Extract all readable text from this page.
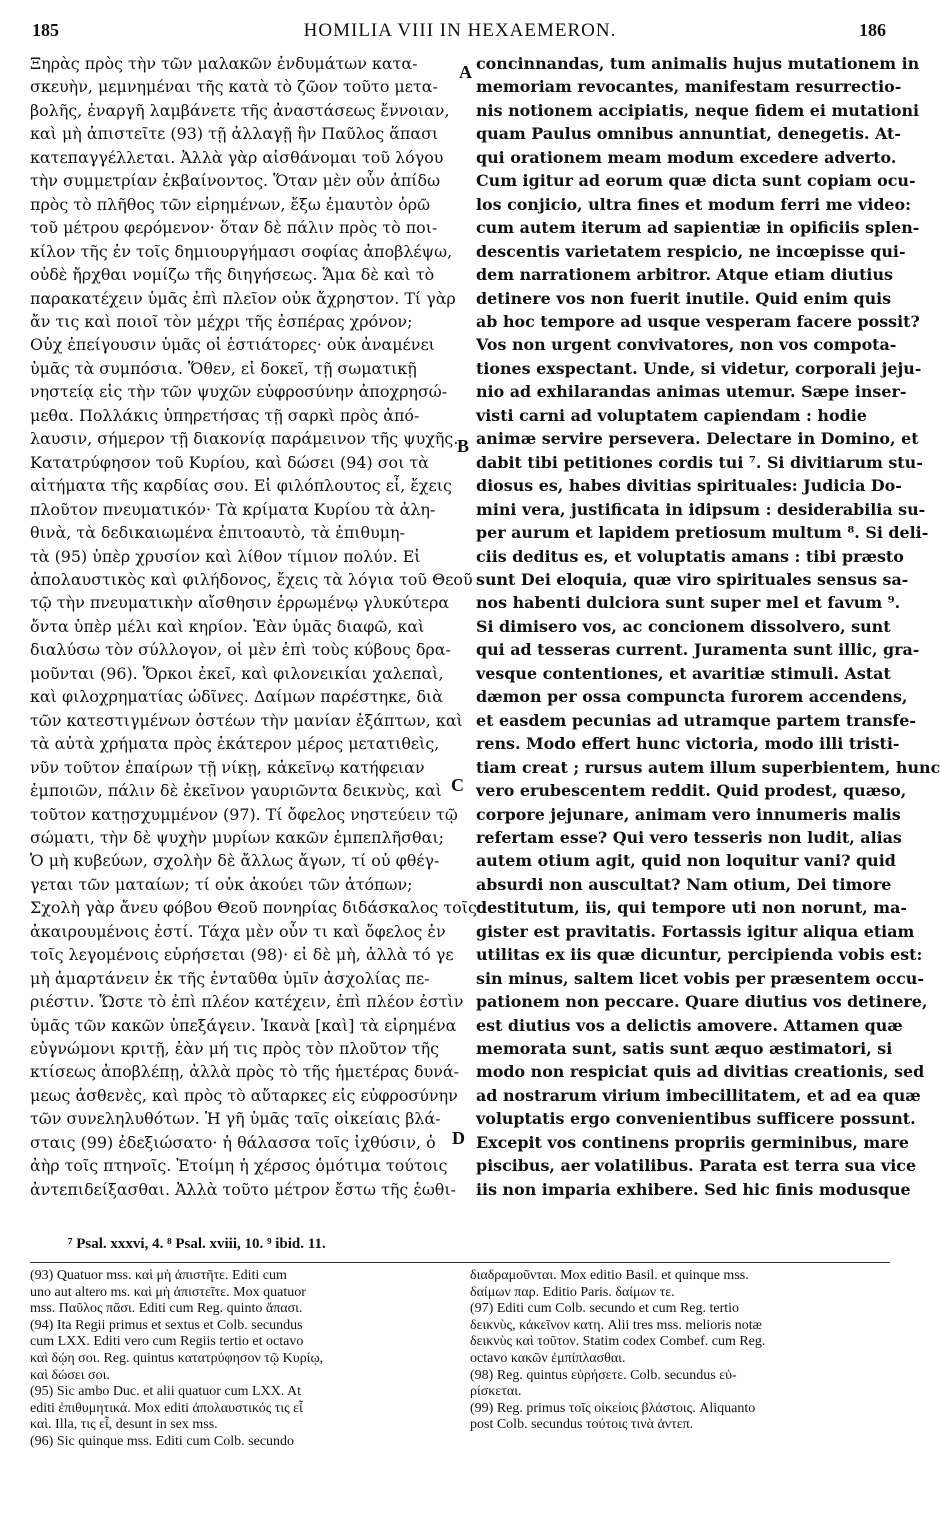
185	HOMILIA VIII IN HEXAEMERON.	186
A
B
C
D
Ξηρὰς πρὸς τὴν τῶν μαλακῶν ἐνδυμάτων κατα-
σκευὴν, μεμνημέναι τῆς κατὰ τὸ ζῶον τοῦτο μετα-
βολῆς, ἐναργῆ λαμβάνετε τῆς ἀναστάσεως ἔννοιαν,
καὶ μὴ ἀπιστεῖτε (93) τῇ ἀλλαγῇ ἣν Παῦλος ἅπασι
κατεπαγγέλλεται. Ἀλλὰ γὰρ αἰσθάνομαι τοῦ λόγου
τὴν συμμετρίαν ἐκβαίνοντος. Ὅταν μὲν οὖν ἀπίδω
πρὸς τὸ πλῆθος τῶν εἰρημένων, ἔξω ἐμαυτὸν ὁρῶ
τοῦ μέτρου φερόμενον· ὅταν δὲ πάλιν πρὸς τὸ ποι-
κίλον τῆς ἐν τοῖς δημιουργήμασι σοφίας ἀποβλέψω,
οὐδὲ ἤρχθαι νομίζω τῆς διηγήσεως. Ἅμα δὲ καὶ τὸ
παρακατέχειν ὑμᾶς ἐπὶ πλεῖον οὐκ ἄχρηστον. Τί γὰρ
ἄν τις καὶ ποιοῖ τὸν μέχρι τῆς ἑσπέρας χρόνον;
Οὐχ ἐπείγουσιν ὑμᾶς οἱ ἑστιάτορες· οὐκ ἀναμένει
ὑμᾶς τὰ συμπόσια. Ὅθεν, εἰ δοκεῖ, τῇ σωματικῇ
νηστείᾳ εἰς τὴν τῶν ψυχῶν εὐφροσύνην ἀποχρησώ-
μεθα. Πολλάκις ὑπηρετήσας τῇ σαρκὶ πρὸς ἀπό-
λαυσιν, σήμερον τῇ διακονίᾳ παράμεινον τῆς ψυχῆς.
Κατατρύφησον τοῦ Κυρίου, καὶ δώσει (94) σοι τὰ
αἰτήματα τῆς καρδίας σου. Εἰ φιλόπλουτος εἶ, ἔχεις
πλοῦτον πνευματικόν· Τὰ κρίματα Κυρίου τὰ ἀλη-
θινὰ, τὰ δεδικαιωμένα ἐπιτοαυτὸ, τὰ ἐπιθυμη-
τὰ (95) ὑπὲρ χρυσίον καὶ λίθον τίμιον πολύν. Εἰ
ἀπολαυστικὸς καὶ φιλήδονος, ἔχεις τὰ λόγια τοῦ Θεοῦ
τῷ τὴν πνευματικὴν αἴσθησιν ἐρρωμένῳ γλυκύτερα
ὄντα ὑπὲρ μέλι καὶ κηρίον. Ἐὰν ὑμᾶς διαφῶ, καὶ
διαλύσω τὸν σύλλογον, οἱ μὲν ἐπὶ τοὺς κύβους δρα-
μοῦνται (96). Ὅρκοι ἐκεῖ, καὶ φιλονεικίαι χαλεπαὶ,
καὶ φιλοχρηματίας ὠδῖνες. Δαίμων παρέστηκε, διὰ
τῶν κατεστιγμένων ὀστέων τὴν μανίαν ἐξάπτων, καὶ
τὰ αὐτὰ χρήματα πρὸς ἑκάτερον μέρος μετατιθεὶς,
νῦν τοῦτον ἐπαίρων τῇ νίκῃ, κἀκεῖνῳ κατήφειαν
ἐμποιῶν, πάλιν δὲ ἐκεῖνον γαυριῶντα δεικνὺς, καὶ
τοῦτον κατῃσχυμμένον (97). Τί ὄφελος νηστεύειν τῷ
σώματι, τὴν δὲ ψυχὴν μυρίων κακῶν ἐμπεπλῆσθαι;
Ὁ μὴ κυβεύων, σχολὴν δὲ ἄλλως ἄγων, τί οὐ φθέγ-
γεται τῶν ματαίων; τί οὐκ ἀκούει τῶν ἀτόπων;
Σχολὴ γὰρ ἄνευ φόβου Θεοῦ πονηρίας διδάσκαλος τοῖς
ἀκαιρουμένοις ἐστί. Τάχα μὲν οὖν τι καὶ ὄφελος ἐν
τοῖς λεγομένοις εὑρήσεται (98)· εἰ δὲ μὴ, ἀλλὰ τό γε
μὴ ἁμαρτάνειν ἐκ τῆς ἐνταῦθα ὑμῖν ἀσχολίας πε-
ριέστιν. Ὥστε τὸ ἐπὶ πλέον κατέχειν, ἐπὶ πλέον ἐστὶν
ὑμᾶς τῶν κακῶν ὑπεξάγειν. Ἱκανὰ [καὶ] τὰ εἰρημένα
εὐγνώμονι κριτῇ, ἐὰν μή τις πρὸς τὸν πλοῦτον τῆς
κτίσεως ἀποβλέπῃ, ἀλλὰ πρὸς τὸ τῆς ἡμετέρας δυνά-
μεως ἀσθενὲς, καὶ πρὸς τὸ αὔταρκες εἰς εὐφροσύνην
τῶν συνεληλυθότων. Ἡ γῆ ὑμᾶς ταῖς οἰκείαις βλά-
σταις (99) ἐδεξιώσατο· ἡ θάλασσα τοῖς ἰχθύσιν, ὁ
ἀὴρ τοῖς πτηνοῖς. Ἑτοίμη ἡ χέρσος ὁμότιμα τούτοις
ἀντεπιδείξασθαι. Ἀλλὰ τοῦτο μέτρον ἔστω τῆς ἑωθι-
concinnandas, tum animalis hujus mutationem in
memoriam revocantes, manifestam resurrectio-
nis notionem accipiatis, neque fidem ei mutationi
quam Paulus omnibus annuntiat, denegetis. At-
qui orationem meam modum excedere adverto.
Cum igitur ad eorum quæ dicta sunt copiam ocu-
los conjicio, ultra fines et modum ferri me video:
cum autem iterum ad sapientiæ in opificiis splen-
descentis varietatem respicio, ne incœpisse qui-
dem narrationem arbitror. Atque etiam diutius
detinere vos non fuerit inutile. Quid enim quis
ab hoc tempore ad usque vesperam facere possit?
Vos non urgent convivatores, non vos compota-
tiones exspectant. Unde, si videtur, corporali jeju-
nio ad exhilarandas animas utemur. Sæpe inser-
visti carni ad voluptatem capiendam : hodie
animæ servire persevera. Delectare in Domino, et
dabit tibi petitiones cordis tui ⁷. Si divitiarum stu-
diosus es, habes divitias spirituales: Judicia Do-
mini vera, justificata in idipsum : desiderabilia su-
per aurum et lapidem pretiosum multum ⁸. Si deli-
ciis deditus es, et voluptatis amans : tibi præsto
sunt Dei eloquia, quæ viro spirituales sensus sa-
nos habenti dulciora sunt super mel et favum ⁹.
Si dimisero vos, ac concionem dissolvero, sunt
qui ad tesseras current. Juramenta sunt illic, gra-
vesque contentiones, et avaritiæ stimuli. Astat
dæmon per ossa compuncta furorem accendens,
et easdem pecunias ad utramque partem transfe-
rens. Modo effert hunc victoria, modo illi tristi-
tiam creat ; rursus autem illum superbientem, hunc
vero erubescentem reddit. Quid prodest, quæso,
corpore jejunare, animam vero innumeris malis
refertam esse? Qui vero tesseris non ludit, alias
autem otium agit, quid non loquitur vani? quid
absurdi non auscultat? Nam otium, Dei timore
destitutum, iis, qui tempore uti non norunt, ma-
gister est pravitatis. Fortassis igitur aliqua etiam
utilitas ex iis quæ dicuntur, percipienda vobis est:
sin minus, saltem licet vobis per præsentem occu-
pationem non peccare. Quare diutius vos detinere,
est diutius vos a delictis amovere. Attamen quæ
memorata sunt, satis sunt æquo æstimatori, si
modo non respiciat quis ad divitias creationis, sed
ad nostrarum virium imbecillitatem, et ad ea quæ
voluptatis ergo convenientibus sufficere possunt.
Excepit vos continens propriis germinibus, mare
piscibus, aer volatilibus. Parata est terra sua vice
iis non imparia exhibere. Sed hic finis modusque
⁷ Psal. xxxvi, 4. ⁸ Psal. xviii, 10. ⁹ ibid. 11.
(93) Quatuor mss. καὶ μὴ ἀπιστῆτε. Editi cum
uno aut altero ms. καὶ μὴ ἀπιστεῖτε. Mox quatuor
mss. Παῦλος πᾶσι. Editi cum Reg. quinto ἅπασι.
(94) Ita Regii primus et sextus et Colb. secundus
cum LXX. Editi vero cum Regiis tertio et octavo
καὶ δῴη σοι. Reg. quintus κατατρύφησον τῷ Κυρίῳ,
καὶ δώσει σοι.
(95) Sic ambo Duc. et alii quatuor cum LXX. At
editi ἐπιθυμητικά. Mox editi ἀπολαυστικός τις εἶ
καὶ. Illa, τις εἶ, desunt in sex mss.
(96) Sic quinque mss. Editi cum Colb. secundo
διαδραμοῦνται. Mox editio Basil. et quinque mss.
δαίμων παρ. Editio Paris. δαίμων τε.
(97) Editi cum Colb. secundo et cum Reg. tertio
δεικνὺς, κἀκεῖνον κατη. Alii tres mss. melioris notæ
δεικνὺς καὶ τοῦτον. Statim codex Combef. cum Reg.
octavo κακῶν ἐμπίπλασθαι.
(98) Reg. quintus εὑρήσετε. Colb. secundus εὑ-
ρίσκεται.
(99) Reg. primus τοῖς οἰκείοις βλάστοις. Aliquanto
post Colb. secundus τούτοις τινὰ ἀντεπ.
